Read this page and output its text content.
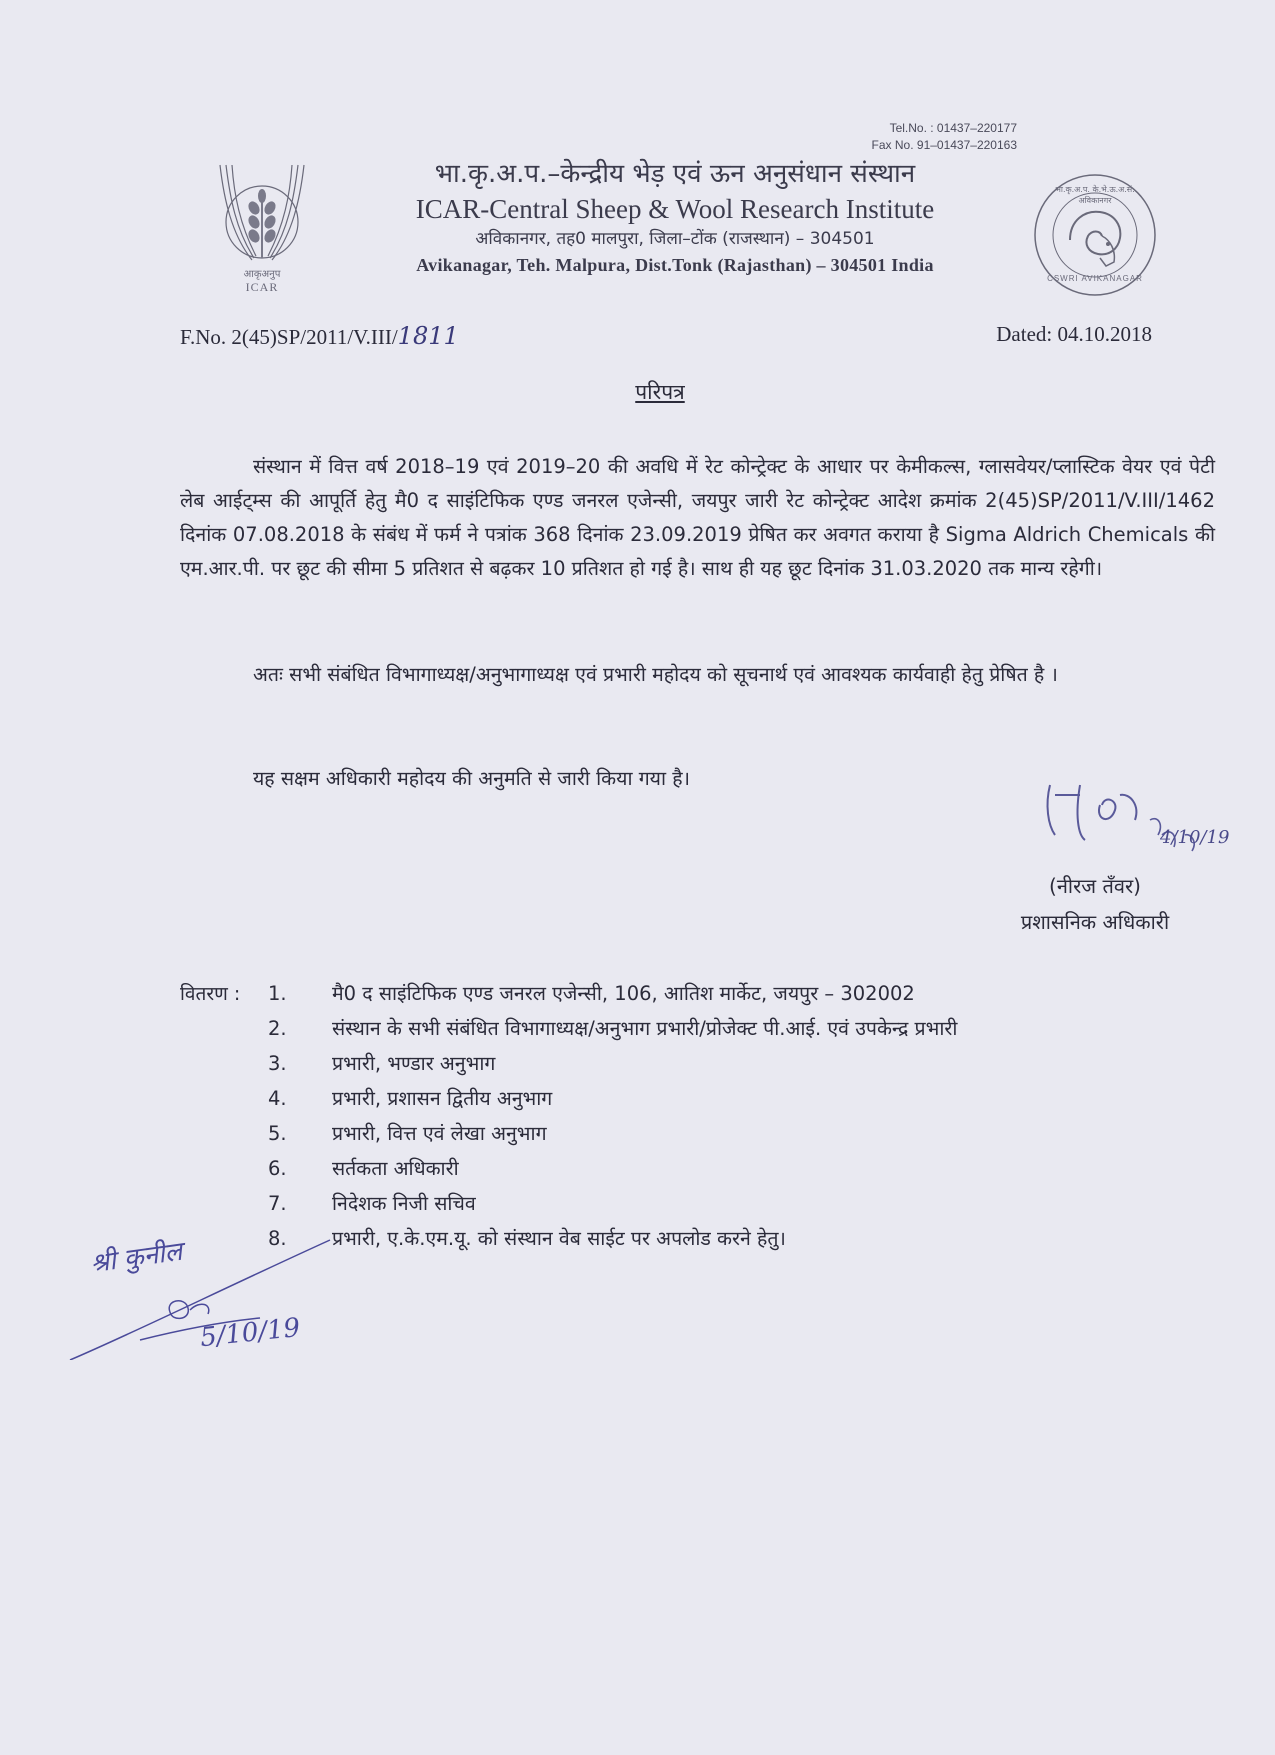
Tel.No. : 01437–220177
Fax No. 91–01437–220163
आकृअनुप
ICAR
भा.कृ.अ.प.–केन्द्रीय भेड़ एवं ऊन अनुसंधान संस्थान
ICAR-Central Sheep & Wool Research Institute
अविकानगर, तह0 मालपुरा, जिला–टोंक (राजस्थान) – 304501
Avikanagar, Teh. Malpura, Dist.Tonk (Rajasthan) – 304501 India
भा.कृ.अ.प. के.भे.ऊ.अ.सं. अविकानगर
CSWRI AVIKANAGAR
F.No. 2(45)SP/2011/V.III/1811	Dated: 04.10.2018
परिपत्र
संस्थान में वित्त वर्ष 2018–19 एवं 2019–20 की अवधि में रेट कोन्ट्रेक्ट के आधार पर केमीकल्स, ग्लासवेयर/प्लास्टिक वेयर एवं पेटी लेब आईट्म्स की आपूर्ति हेतु मै0 द साइंटिफिक एण्ड जनरल एजेन्सी, जयपुर जारी रेट कोन्ट्रेक्ट आदेश क्रमांक 2(45)SP/2011/V.III/1462 दिनांक 07.08.2018 के संबंध में फर्म ने पत्रांक 368 दिनांक 23.09.2019 प्रेषित कर अवगत कराया है Sigma Aldrich Chemicals की एम.आर.पी. पर छूट की सीमा 5 प्रतिशत से बढ़कर 10 प्रतिशत हो गई है। साथ ही यह छूट दिनांक 31.03.2020 तक मान्य रहेगी।
अतः सभी संबंधित विभागाध्यक्ष/अनुभागाध्यक्ष एवं प्रभारी महोदय को सूचनार्थ एवं आवश्यक कार्यवाही हेतु प्रेषित है ।
यह सक्षम अधिकारी महोदय की अनुमति से जारी किया गया है।
4/10/19
(नीरज तँवर)
प्रशासनिक अधिकारी
वितरण : 1.	मै0 द साइंटिफिक एण्ड जनरल एजेन्सी, 106, आतिश मार्केट, जयपुर – 302002
2.	संस्थान के सभी संबंधित विभागाध्यक्ष/अनुभाग प्रभारी/प्रोजेक्ट पी.आई. एवं उपकेन्द्र प्रभारी
3.	प्रभारी, भण्डार अनुभाग
4.	प्रभारी, प्रशासन द्वितीय अनुभाग
5.	प्रभारी, वित्त एवं लेखा अनुभाग
6.	सर्तकता अधिकारी
7.	निदेशक निजी सचिव
8.	प्रभारी, ए.के.एम.यू. को संस्थान वेब साईट पर अपलोड करने हेतु।
श्री कुनील
5/10/19
